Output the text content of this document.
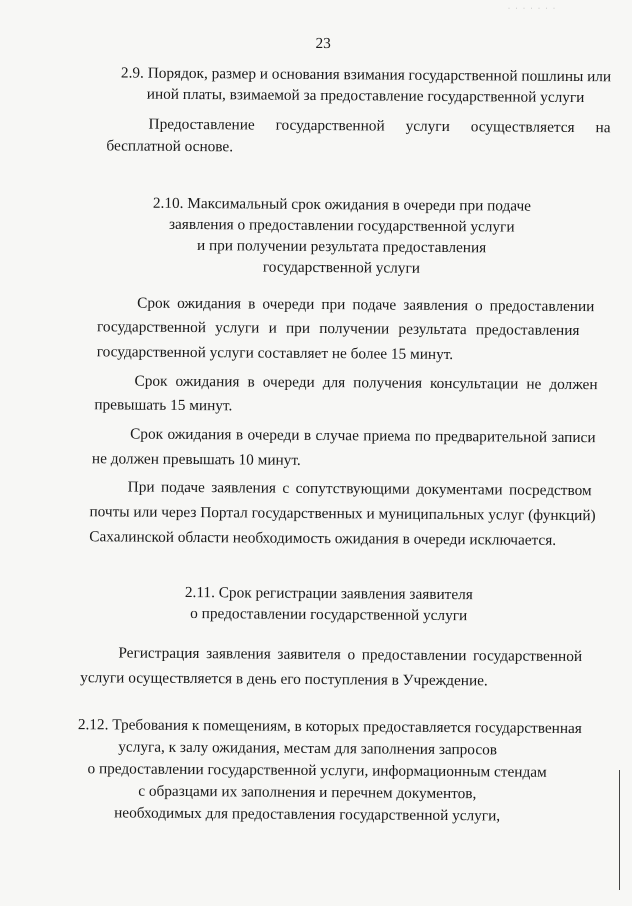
23
2.9. Порядок, размер и основания взимания государственной пошлины или
иной платы, взимаемой за предоставление государственной услуги
Предоставление государственной услуги осуществляется на
бесплатной основе.
2.10. Максимальный срок ожидания в очереди при подаче
заявления о предоставлении государственной услуги
и при получении результата предоставления
государственной услуги
Срок ожидания в очереди при подаче заявления о предоставлении
государственной услуги и при получении результата предоставления
государственной услуги составляет не более 15 минут.
Срок ожидания в очереди для получения консультации не должен
превышать 15 минут.
Срок ожидания в очереди в случае приема по предварительной записи
не должен превышать 10 минут.
При подаче заявления с сопутствующими документами посредством
почты или через Портал государственных и муниципальных услуг (функций)
Сахалинской области необходимость ожидания в очереди исключается.
2.11. Срок регистрации заявления заявителя
о предоставлении государственной услуги
Регистрация заявления заявителя о предоставлении государственной
услуги осуществляется в день его поступления в Учреждение.
2.12. Требования к помещениям, в которых предоставляется государственная
услуга, к залу ожидания, местам для заполнения запросов
о предоставлении государственной услуги, информационным стендам
с образцами их заполнения и перечнем документов,
необходимых для предоставления государственной услуги,
· · · · · · ·
